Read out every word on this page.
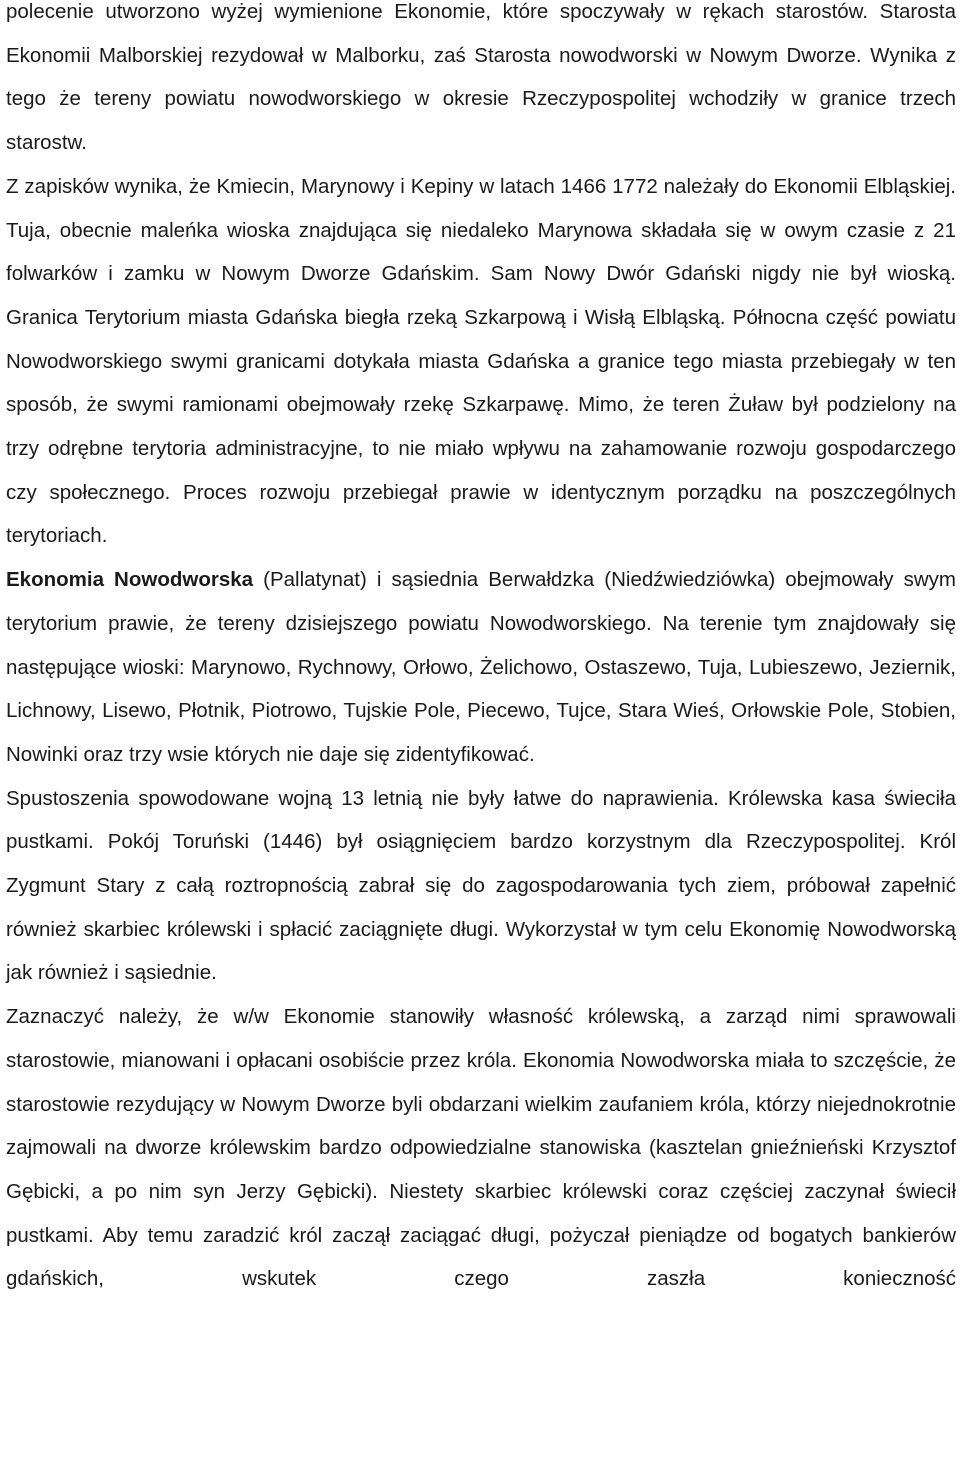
polecenie utworzono wyżej wymienione Ekonomie, które spoczywały w rękach starostów. Starosta Ekonomii Malborskiej rezydował w Malborku, zaś Starosta nowodworski w Nowym Dworze. Wynika z tego że tereny powiatu nowodworskiego w okresie Rzeczypospolitej wchodziły w granice trzech starostw.

Z zapisków wynika, że Kmiecin, Marynowy i Kepiny w latach 1466 1772 należały do Ekonomii Elbląskiej. Tuja, obecnie maleńka wioska znajdująca się niedaleko Marynowa składała się w owym czasie z 21 folwarków i zamku w Nowym Dworze Gdańskim. Sam Nowy Dwór Gdański nigdy nie był wioską. Granica Terytorium miasta Gdańska biegła rzeką Szkarpową i Wisłą Elbląską. Północna część powiatu Nowodworskiego swymi granicami dotykała miasta Gdańska a granice tego miasta przebiegały w ten sposób, że swymi ramionami obejmowały rzekę Szkarpawę. Mimo, że teren Żuław był podzielony na trzy odrębne terytoria administracyjne, to nie miało wpływu na zahamowanie rozwoju gospodarczego czy społecznego. Proces rozwoju przebiegał prawie w identycznym porządku na poszczególnych terytoriach.

Ekonomia Nowodworska (Pallatynat) i sąsiednia Berwałdzka (Niedźwiedziówka) obejmowały swym terytorium prawie, że tereny dzisiejszego powiatu Nowodworskiego. Na terenie tym znajdowały się następujące wioski: Marynowo, Rychnowy, Orłowo, Żelichowo, Ostaszewo, Tuja, Lubieszewo, Jeziernik, Lichnowy, Lisewo, Płotnik, Piotrowo, Tujskie Pole, Piecewo, Tujce, Stara Wieś, Orłowskie Pole, Stobien, Nowinki oraz trzy wsie których nie daje się zidentyfikować.

Spustoszenia spowodowane wojną 13 letnią nie były łatwe do naprawienia. Królewska kasa świeciła pustkami. Pokój Toruński (1446) był osiągnięciem bardzo korzystnym dla Rzeczypospolitej. Król Zygmunt Stary z całą roztropnością zabrał się do zagospodarowania tych ziem, próbował zapełnić również skarbiec królewski i spłacić zaciągnięte długi. Wykorzystał w tym celu Ekonomię Nowodworską jak również i sąsiednie.

Zaznaczyć należy, że w/w Ekonomie stanowiły własność królewską, a zarząd nimi sprawowali starostowie, mianowani i opłacani osobiście przez króla. Ekonomia Nowodworska miała to szczęście, że starostowie rezydujący w Nowym Dworze byli obdarzani wielkim zaufaniem króla, którzy niejednokrotnie zajmowali na dworze królewskim bardzo odpowiedzialne stanowiska (kasztelan gnieźnieński Krzysztof Gębicki, a po nim syn Jerzy Gębicki). Niestety skarbiec królewski coraz częściej zaczynał świecił pustkami. Aby temu zaradzić król zaczął zaciągać długi, pożyczał pieniądze od bogatych bankierów gdańskich, wskutek czego zaszła konieczność
